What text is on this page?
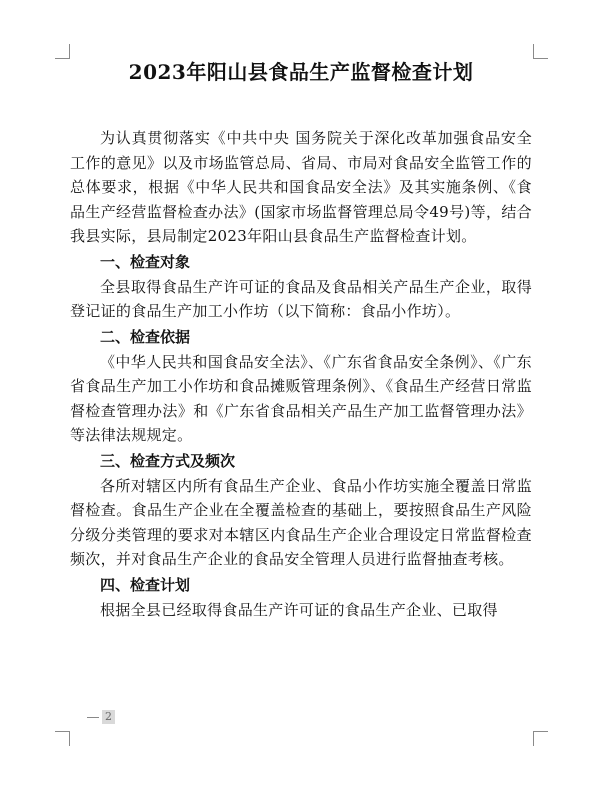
2023年阳山县食品生产监督检查计划

为认真贯彻落实《中共中央 国务院关于深化改革加强食品安全工作的意见》以及市场监管总局、省局、市局对食品安全监管工作的总体要求，根据《中华人民共和国食品安全法》及其实施条例、《食品生产经营监督检查办法》(国家市场监督管理总局令49号)等，结合我县实际，县局制定2023年阳山县食品生产监督检查计划。

一、检查对象

全县取得食品生产许可证的食品及食品相关产品生产企业，取得登记证的食品生产加工小作坊（以下简称：食品小作坊）。

二、检查依据

《中华人民共和国食品安全法》、《广东省食品安全条例》、《广东省食品生产加工小作坊和食品摊贩管理条例》、《食品生产经营日常监督检查管理办法》和《广东省食品相关产品生产加工监督管理办法》等法律法规规定。

三、检查方式及频次

各所对辖区内所有食品生产企业、食品小作坊实施全覆盖日常监督检查。食品生产企业在全覆盖检查的基础上，要按照食品生产风险分级分类管理的要求对本辖区内食品生产企业合理设定日常监督检查频次，并对食品生产企业的食品安全管理人员进行监督抽查考核。

四、检查计划

根据全县已经取得食品生产许可证的食品生产企业、已取得

2
